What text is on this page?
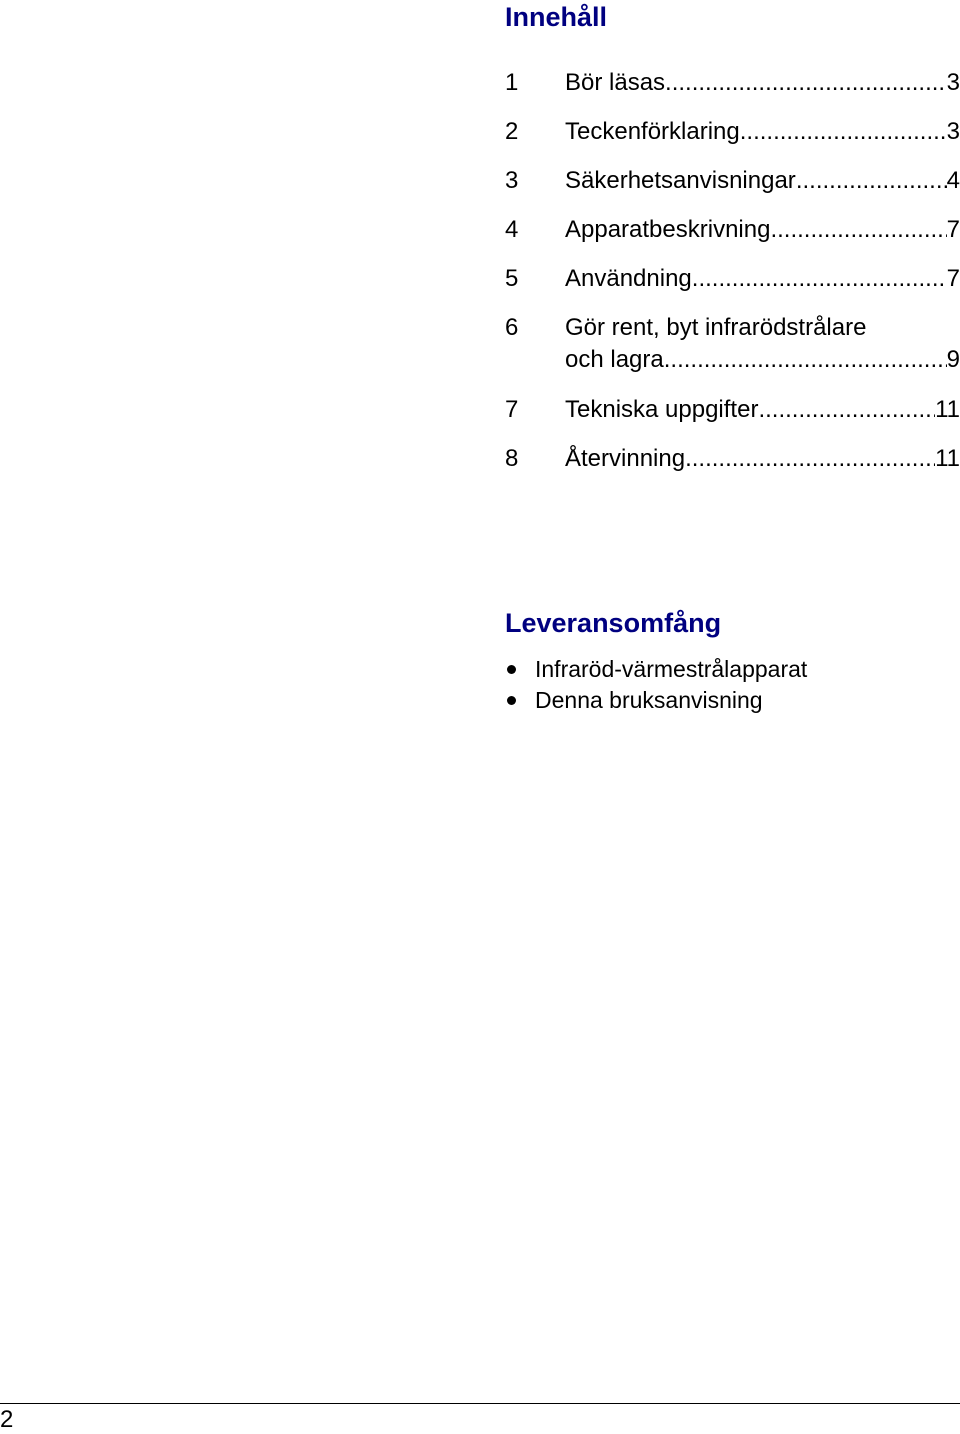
Innehåll
1 Bör läsas .....	3
2 Teckenförklaring .....	3
3 Säkerhetsanvisningar .....	4
4 Apparatbeskrivning .....	7
5 Användning .....	7
6 Gör rent, byt infrarödstrålare
och lagra .....	9
7 Tekniska uppgifter .....	11
8 Återvinning .....	11
Leveransomfång
Infraröd-värmestrålapparat
Denna bruksanvisning
2
